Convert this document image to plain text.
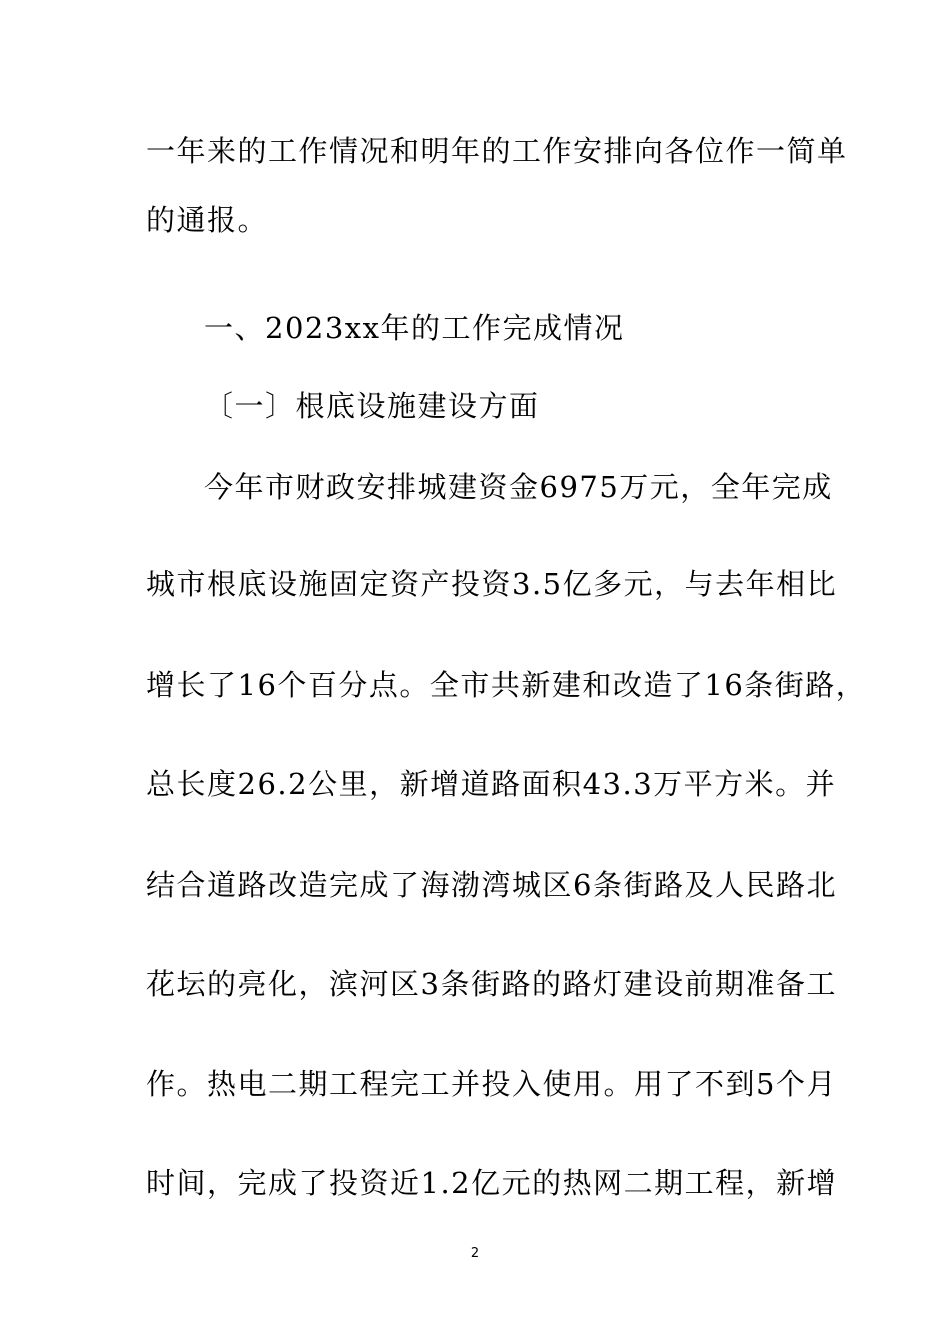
一年来的工作情况和明年的工作安排向各位作一简单
的通报。
一、2023xx年的工作完成情况
〔一〕根底设施建设方面
今年市财政安排城建资金6975万元，全年完成
城市根底设施固定资产投资3.5亿多元，与去年相比
增长了16个百分点。全市共新建和改造了16条街路，
总长度26.2公里，新增道路面积43.3万平方米。并
结合道路改造完成了海渤湾城区6条街路及人民路北
花坛的亮化，滨河区3条街路的路灯建设前期准备工
作。热电二期工程完工并投入使用。用了不到5个月
时间，完成了投资近1.2亿元的热网二期工程，新增
2
